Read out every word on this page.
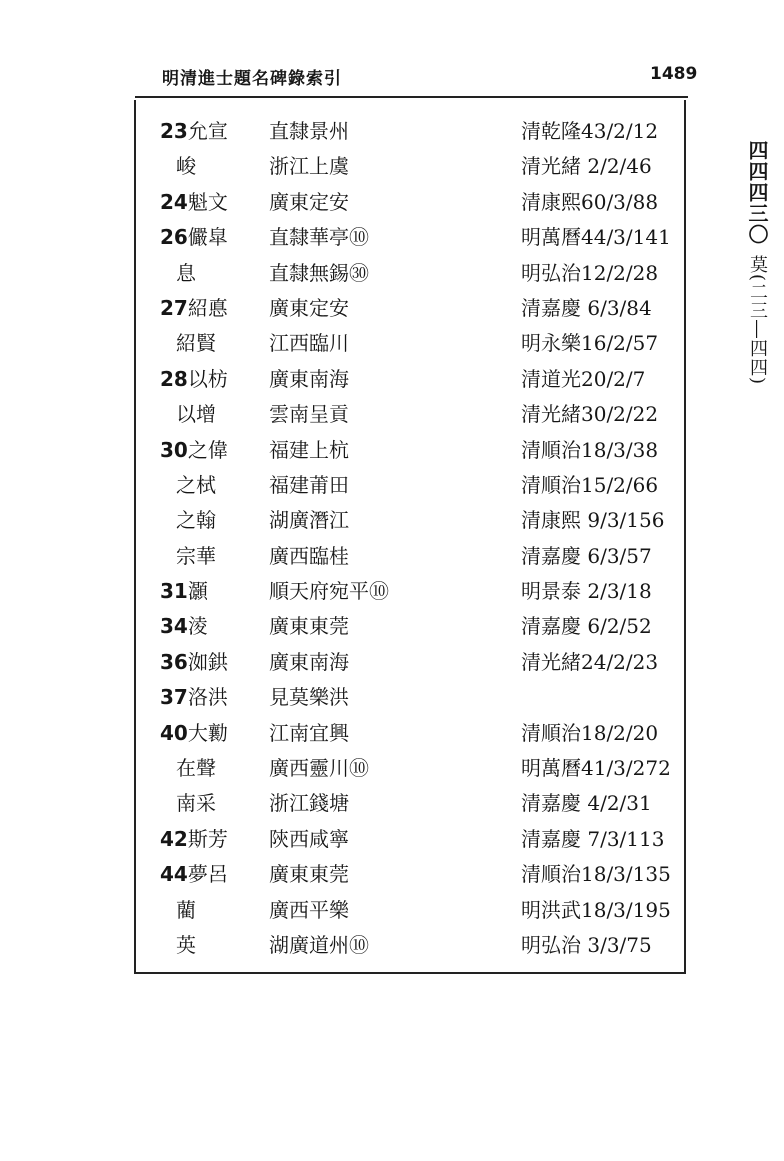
明清進士題名碑錄索引	1489
23允宣 直隸景州	清乾隆43/2/12
峻	浙江上虞	清光緒 2/2/46
24魁文 廣東定安	清康熙60/3/88
26儼皐 直隸華亭⑩	明萬曆44/3/141
息	直隸無錫㉚	明弘治12/2/28
27紹悳 廣東定安	清嘉慶 6/3/84
紹賢	江西臨川	明永樂16/2/57
28以枋 廣東南海	清道光20/2/7
以增	雲南呈貢	清光緒30/2/22
30之偉 福建上杭	清順治18/3/38
之栻	福建莆田	清順治15/2/66
之翰	湖廣潛江	清康熙 9/3/156
宗華	廣西臨桂	清嘉慶 6/3/57
31灝	順天府宛平⑩	明景泰 2/3/18
34淩	廣東東莞	清嘉慶 6/2/52
36洳鉷 廣東南海	清光緒24/2/23
37洛洪 見莫樂洪
40大勷 江南宜興	清順治18/2/20
在聲	廣西靈川⑩	明萬曆41/3/272
南采	浙江錢塘	清嘉慶 4/2/31
42斯芳 陝西咸寧	清嘉慶 7/3/113
44夢呂 廣東東莞	清順治18/3/135
藺	廣西平樂	明洪武18/3/195
英	湖廣道州⑩	明弘治 3/3/75
四四四三〇
莫(二三―四四)
